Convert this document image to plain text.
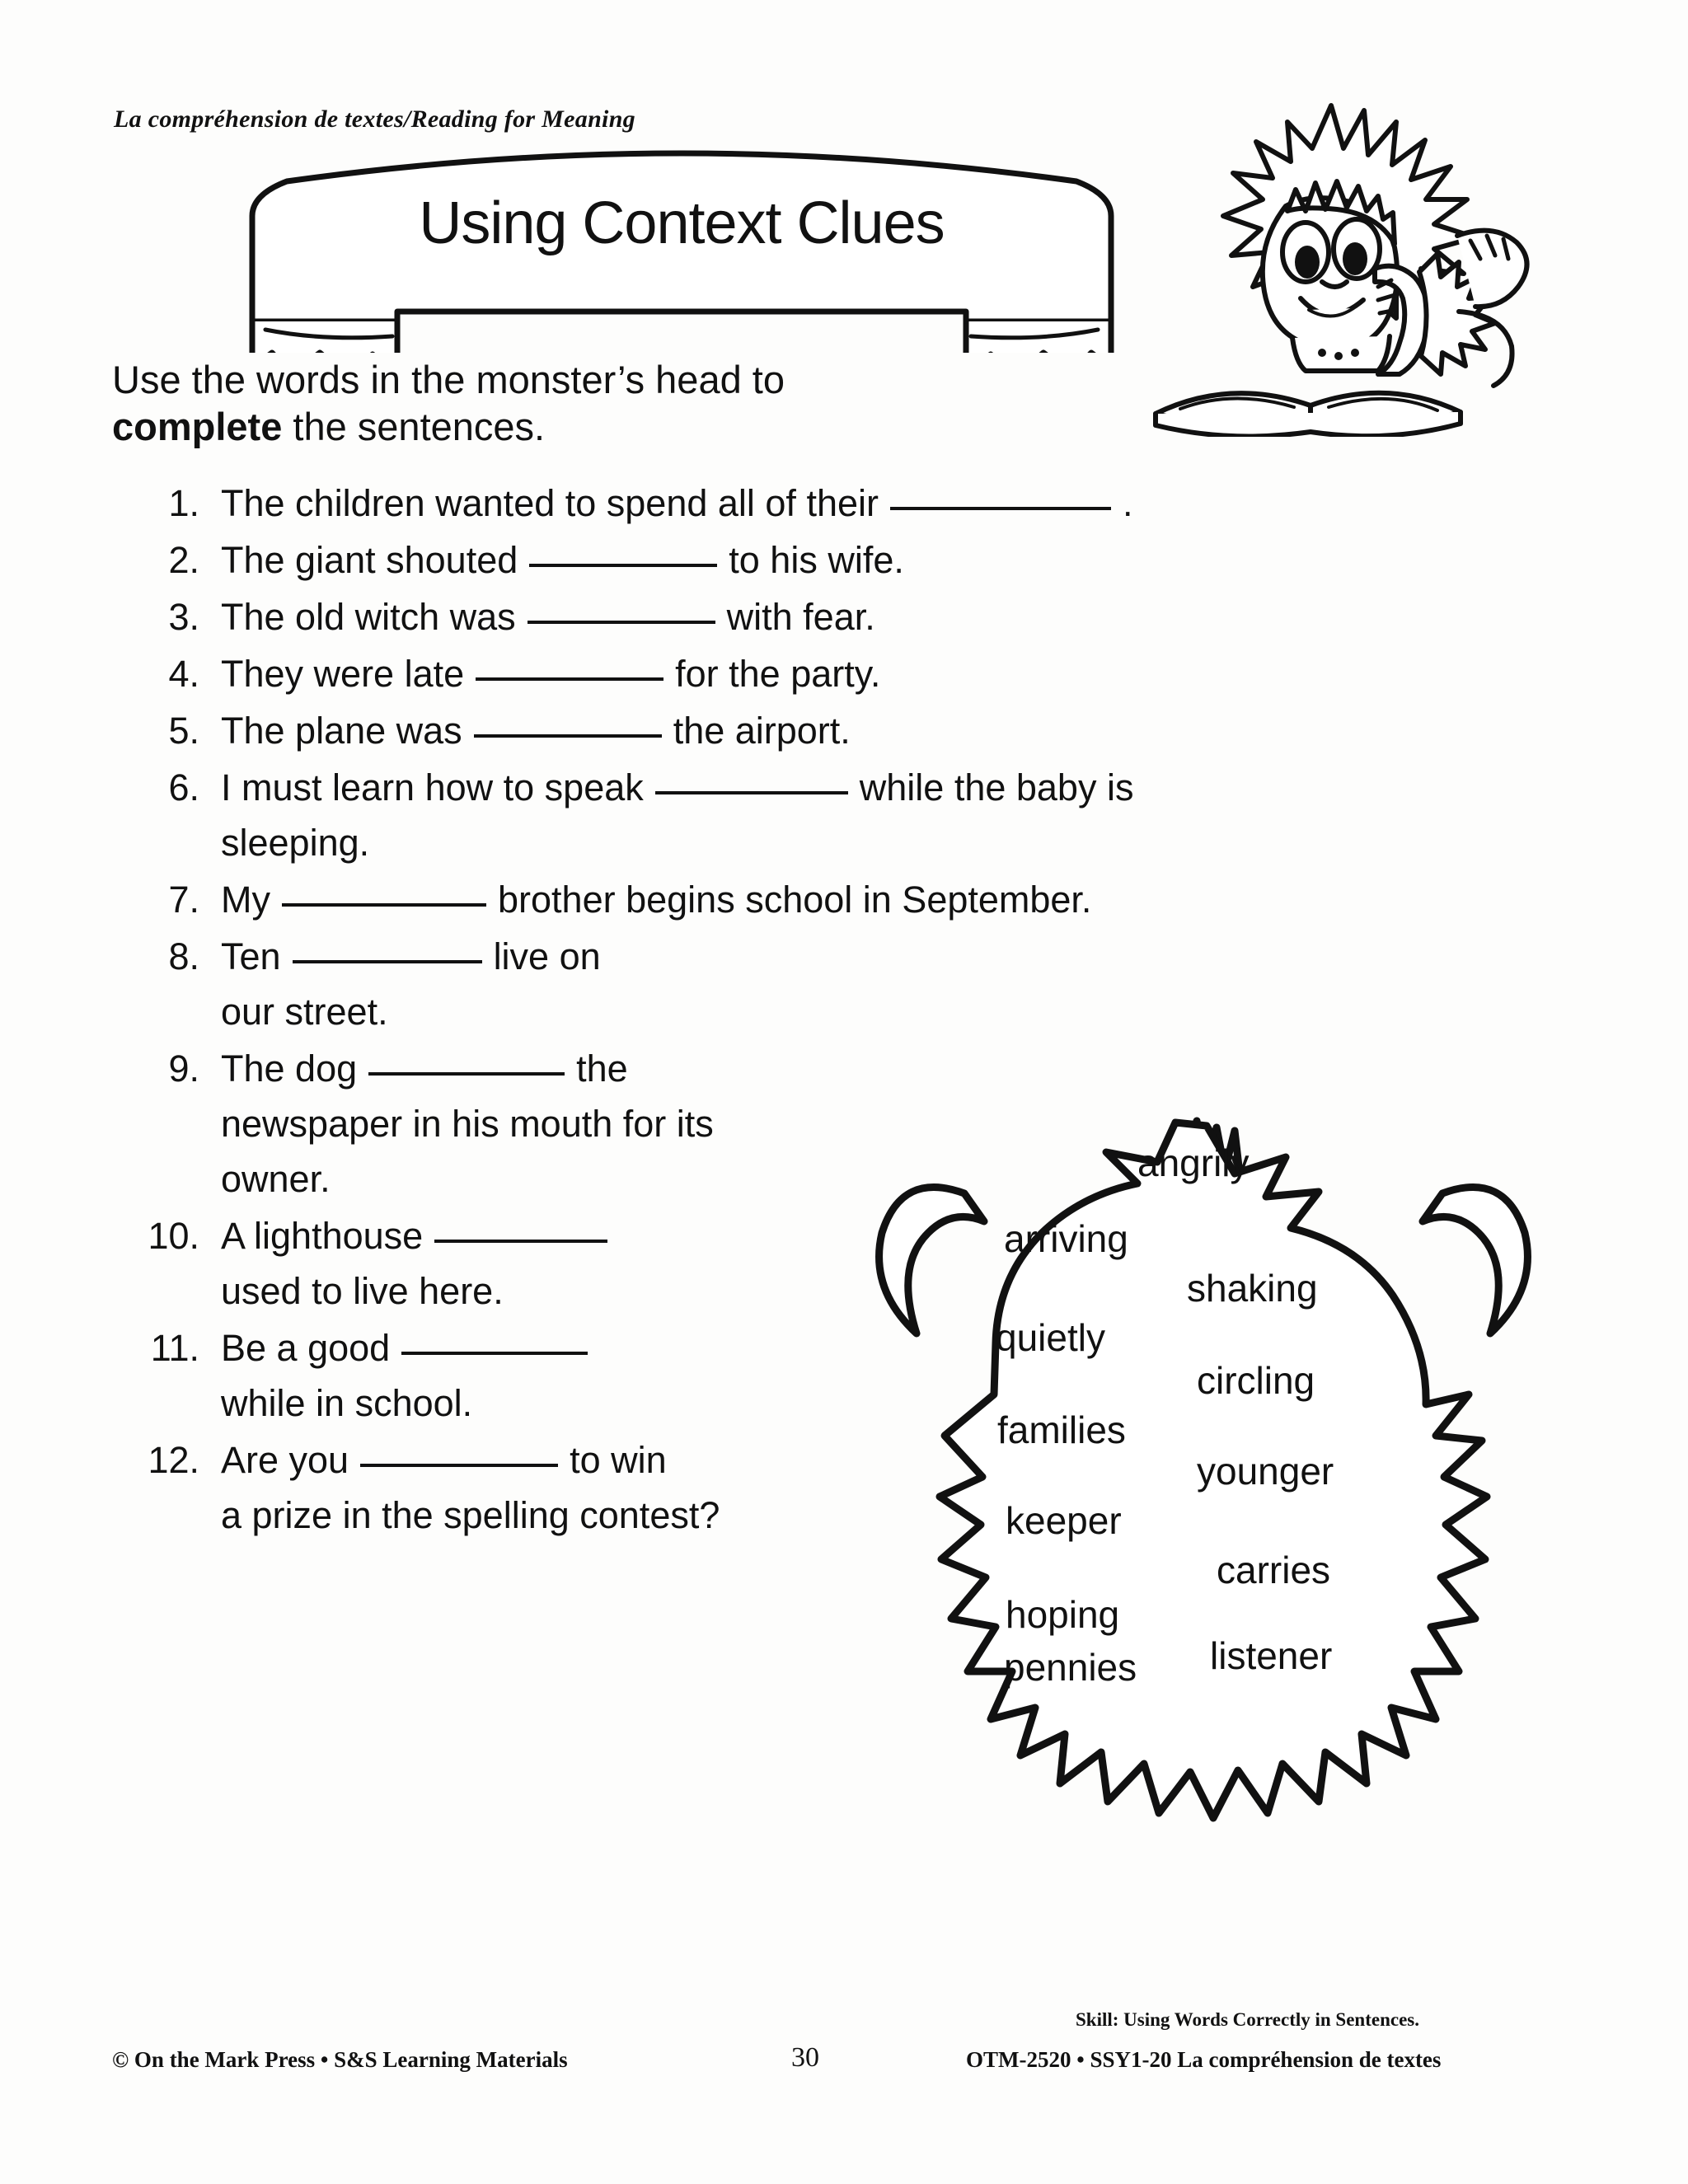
La compréhension de textes/Reading for Meaning
Using Context Clues
Use the words in the monster’s head to complete the sentences.
1. The children wanted to spend all of their	.
2. The giant shouted	to his wife.
3. The old witch was	with fear.
4. They were late	for the party.
5. The plane was	the airport.
6. I must learn how to speak	while the baby is
sleeping.
7. My	brother begins school in September.
8. Ten	live on
our street.
9. The dog	the
newspaper in his mouth for its
owner.
10. A lighthouse
used to live here.
11. Be a good
while in school.
12. Are you	to win
a prize in the spelling contest?
angrily
arriving
shaking
quietly
circling
families
younger
keeper
carries
hoping
listener
pennies
Skill: Using Words Correctly in Sentences.
© On the Mark Press • S&S Learning Materials	30	OTM-2520 • SSY1-20 La compréhension de textes
